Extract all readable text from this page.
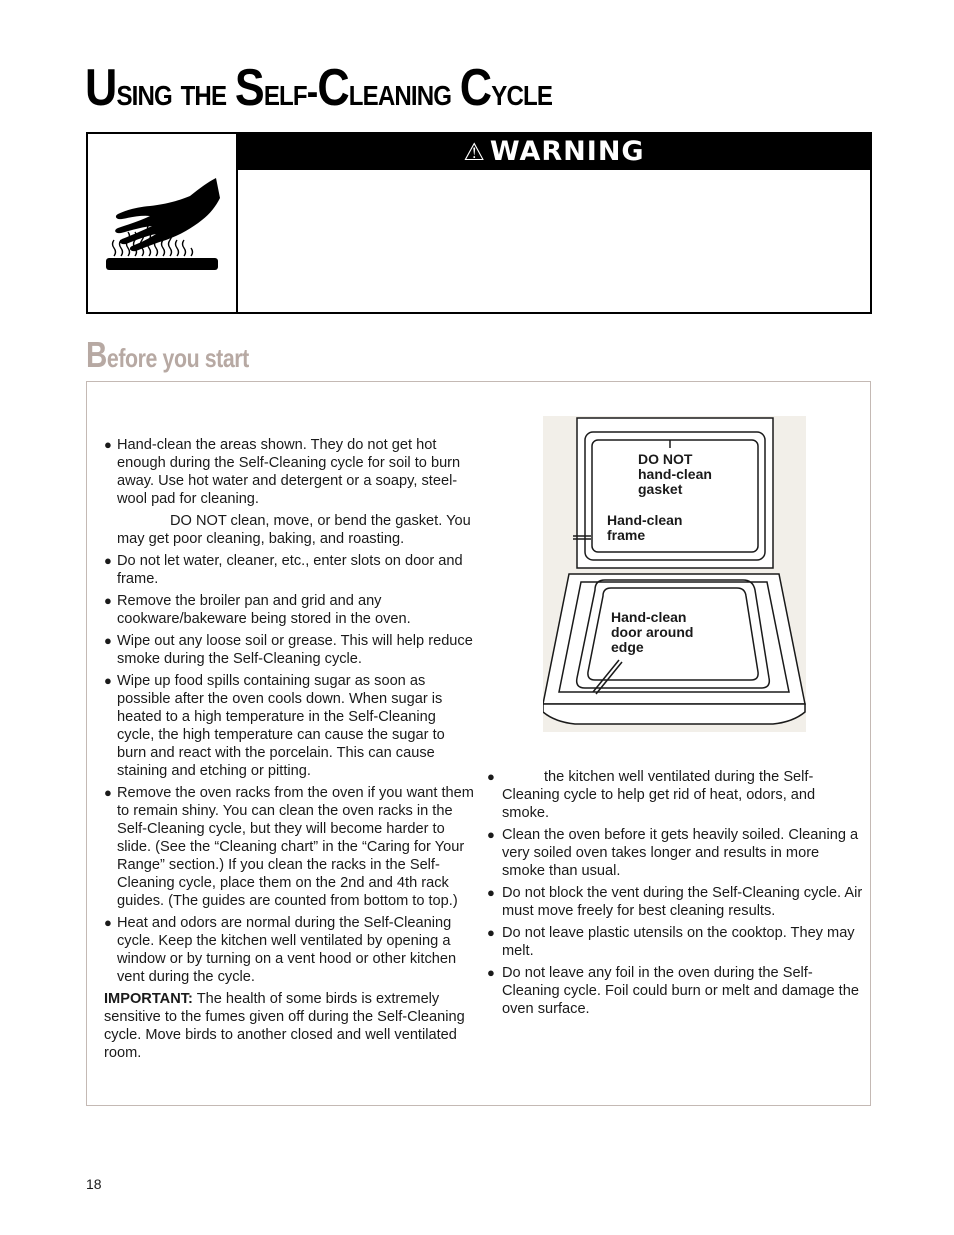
Using the Self-Cleaning Cycle
⚠ WARNING
Before you start

● Hand-clean the areas shown. They do not get hot enough during the Self-Cleaning cycle for soil to burn away. Use hot water and detergent or a soapy, steel-wool pad for cleaning.

DO NOT clean, move, or bend the gasket. You may get poor cleaning, baking, and roasting.

● Do not let water, cleaner, etc., enter slots on door and frame.

● Remove the broiler pan and grid and any cookware/bakeware being stored in the oven.

● Wipe out any loose soil or grease. This will help reduce smoke during the Self-Cleaning cycle.

● Wipe up food spills containing sugar as soon as possible after the oven cools down. When sugar is heated to a high temperature in the Self-Cleaning cycle, the high temperature can cause the sugar to burn and react with the porcelain. This can cause staining and etching or pitting.

● Remove the oven racks from the oven if you want them to remain shiny. You can clean the oven racks in the Self-Cleaning cycle, but they will become harder to slide. (See the “Cleaning chart” in the “Caring for Your Range” section.) If you clean the racks in the Self-Cleaning cycle, place them on the 2nd and 4th rack guides. (The guides are counted from bottom to top.)

● Heat and odors are normal during the Self-Cleaning cycle. Keep the kitchen well ventilated by opening a window or by turning on a vent hood or other kitchen vent during the cycle.

IMPORTANT: The health of some birds is extremely sensitive to the fumes given off during the Self-Cleaning cycle. Move birds to another closed and well ventilated room.

DO NOT
hand-clean
gasket
Hand-clean
frame
Hand-clean
door around
edge

●	the kitchen well ventilated during the Self-Cleaning cycle to help get rid of heat, odors, and smoke.

● Clean the oven before it gets heavily soiled. Cleaning a very soiled oven takes longer and results in more smoke than usual.

● Do not block the vent during the Self-Cleaning cycle. Air must move freely for best cleaning results.

● Do not leave plastic utensils on the cooktop. They may melt.

● Do not leave any foil in the oven during the Self-Cleaning cycle. Foil could burn or melt and damage the oven surface.

18
